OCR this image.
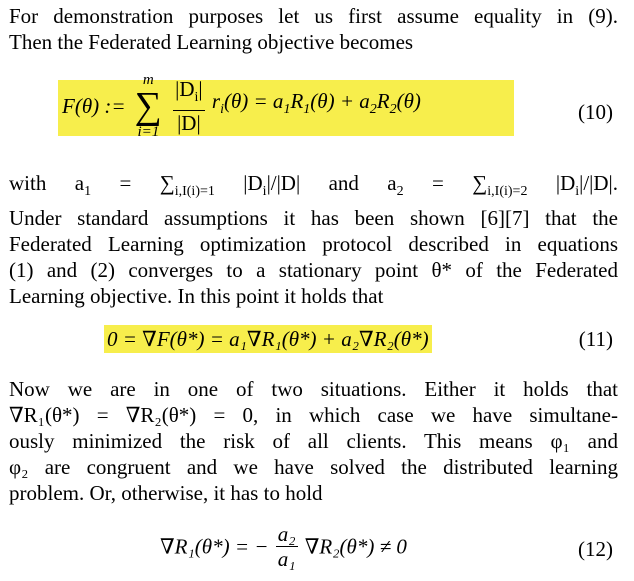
For demonstration purposes let us first assume equality in (9).
Then the Federated Learning objective becomes
F(θ) :=
m
∑
i=1
$\frac{|D_i|}{|D|} r_i(\theta) = a_1R_1(\theta) + a_2R_2(\theta)$	(10)
with $a_1 = \sum_{i,I(i)=1}$ $|D_i|/|D|$ and $a_2 = \sum_{i,I(i)=2}$ $|D_i|/|D|$.
Under standard assumptions it has been shown [6][7] that the
Federated Learning optimization protocol described in equations
(1) and (2) converges to a stationary point θ* of the Federated
Learning objective. In this point it holds that
0 = ∇F(θ*) = a₁∇R₁(θ*) + a₂∇R₂(θ*)	(11)
Now we are in one of two situations. Either it holds that
∇R₁(θ*) = ∇R₂(θ*) = 0, in which case we have simultane-
ously minimized the risk of all clients. This means φ₁ and
φ₂ are congruent and we have solved the distributed learning
problem. Or, otherwise, it has to hold
∇R₁(θ*) = − $\frac{\text{a₂}}{\text{a₁}} \nabla R_2(\theta*) \ne 0$	(12)
